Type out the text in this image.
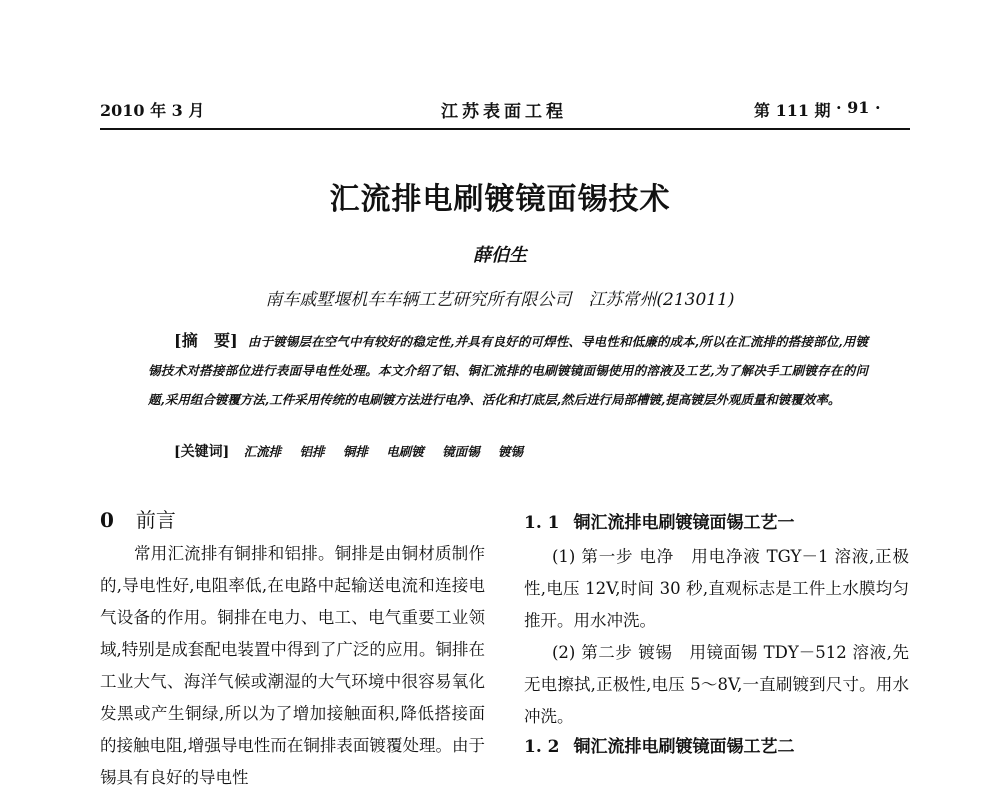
2010 年 3 月	江苏表面工程	第 111 期 · 91 ·
汇流排电刷镀镜面锡技术
薛伯生
南车戚墅堰机车车辆工艺研究所有限公司　江苏常州(213011)
[摘　要] 由于镀锡层在空气中有较好的稳定性,并具有良好的可焊性、导电性和低廉的成本,所以在汇流排的搭接部位,用镀锡技术对搭接部位进行表面导电性处理。本文介绍了铝、铜汇流排的电刷镀镜面锡使用的溶液及工艺,为了解决手工刷镀存在的问题,采用组合镀覆方法,工件采用传统的电刷镀方法进行电净、活化和打底层,然后进行局部槽镀,提高镀层外观质量和镀覆效率。
[关键词] 汇流排 铝排 铜排 电刷镀 镜面锡 镀锡
0 前言
常用汇流排有铜排和铝排。铜排是由铜材质制作的,导电性好,电阻率低,在电路中起输送电流和连接电气设备的作用。铜排在电力、电工、电气重要工业领域,特别是成套配电装置中得到了广泛的应用。铜排在工业大气、海洋气候或潮湿的大气环境中很容易氧化发黑或产生铜绿,所以为了增加接触面积,降低搭接面的接触电阻,增强导电性而在铜排表面镀覆处理。由于锡具有良好的导电性
1. 1 铜汇流排电刷镀镜面锡工艺一
(1) 第一步 电净　用电净液 TGY－1 溶液,正极性,电压 12V,时间 30 秒,直观标志是工件上水膜均匀推开。用水冲洗。
(2) 第二步 镀锡　用镜面锡 TDY－512 溶液,先无电擦拭,正极性,电压 5～8V,一直刷镀到尺寸。用水冲洗。
1. 2 铜汇流排电刷镀镜面锡工艺二
